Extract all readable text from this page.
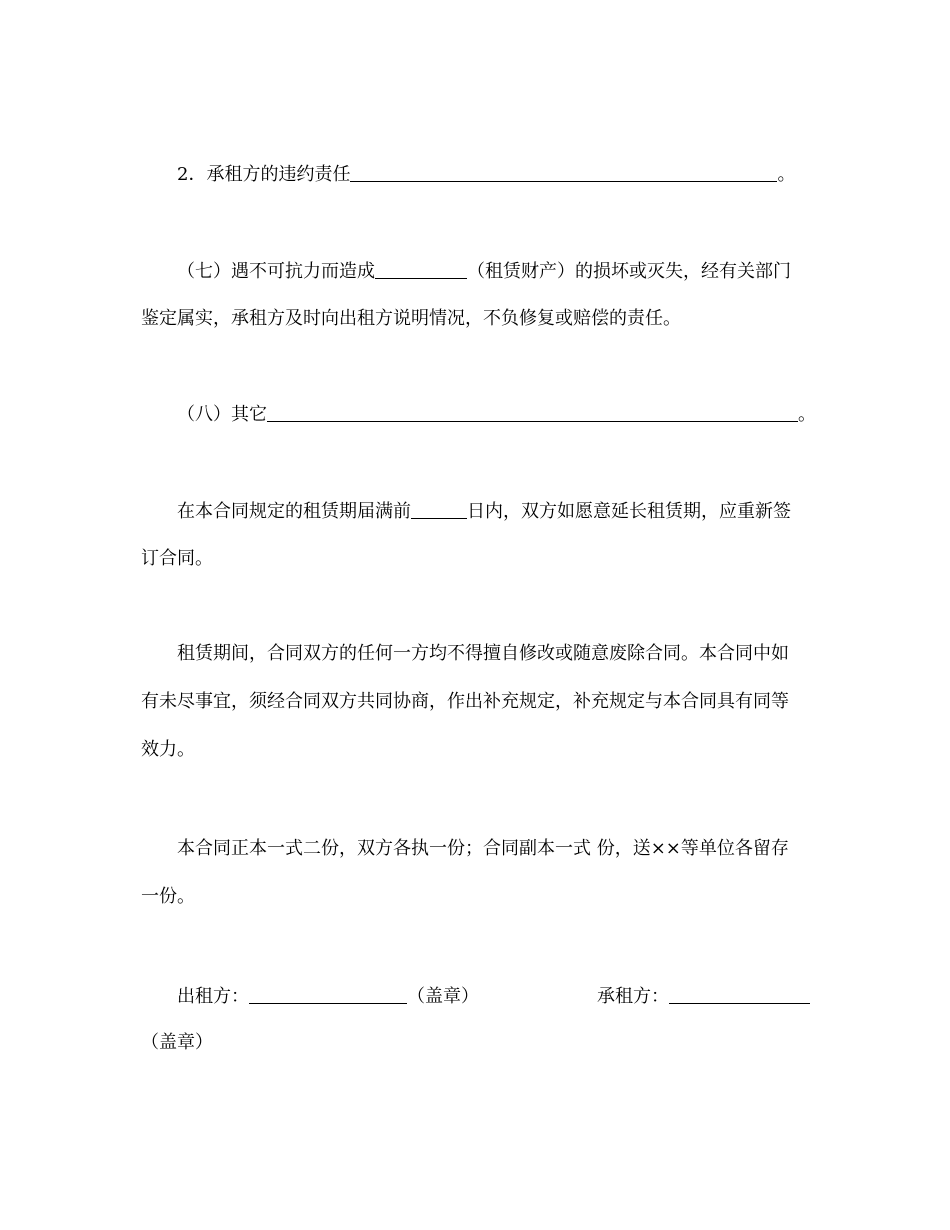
2．承租方的违约责任	。
（七）遇不可抗力而造成	（租赁财产）的损坏或灭失，经有关部门
鉴定属实，承租方及时向出租方说明情况，不负修复或赔偿的责任。
（八）其它	。
在本合同规定的租赁期届满前	日内，双方如愿意延长租赁期，应重新签
订合同。
租赁期间，合同双方的任何一方均不得擅自修改或随意废除合同。本合同中如
有未尽事宜，须经合同双方共同协商，作出补充规定，补充规定与本合同具有同等
效力。
本合同正本一式二份，双方各执一份；合同副本一式 份，送××等单位各留存
一份。
出租方：	（盖章）	承租方：
（盖章）
